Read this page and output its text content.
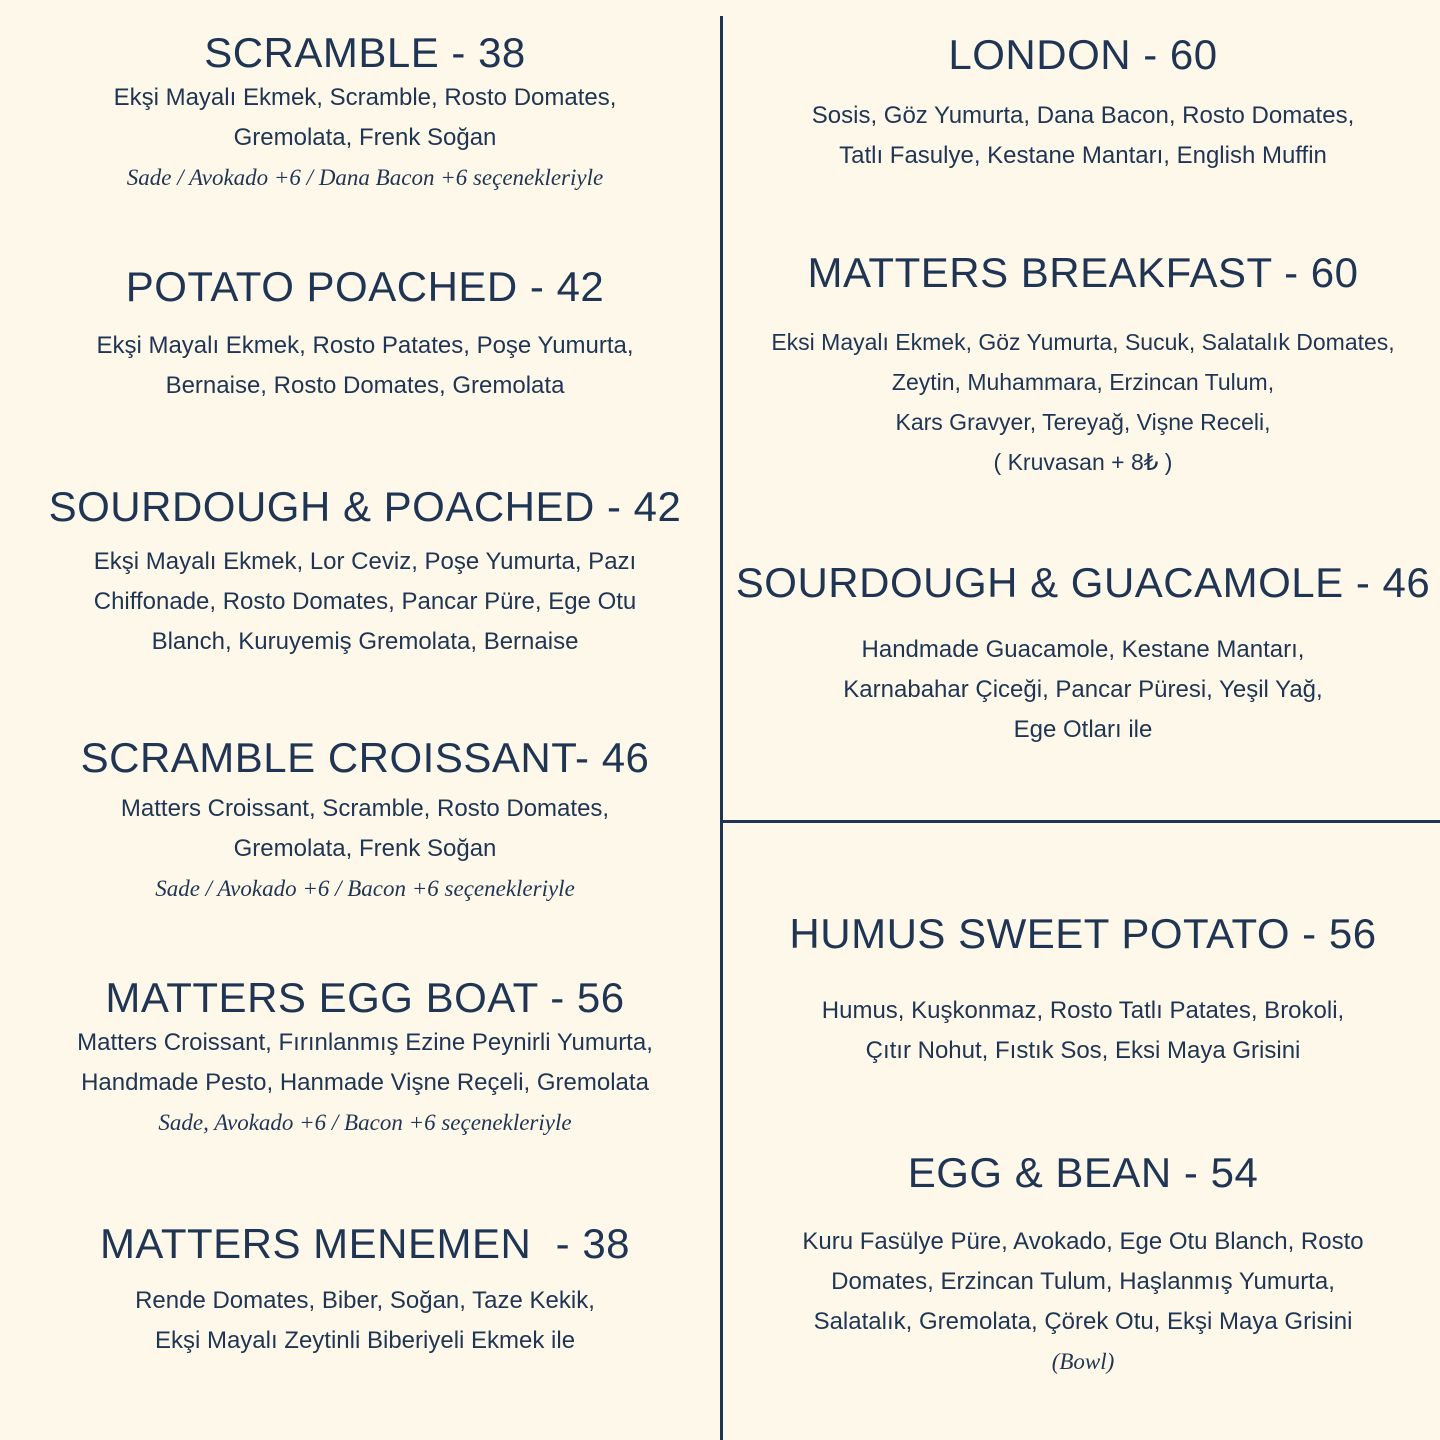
SCRAMBLE - 38
Ekşi Mayalı Ekmek, Scramble, Rosto Domates,
Gremolata, Frenk Soğan
Sade / Avokado +6 / Dana Bacon +6 seçenekleriyle
POTATO POACHED - 42
Ekşi Mayalı Ekmek, Rosto Patates, Poşe Yumurta,
Bernaise, Rosto Domates, Gremolata
SOURDOUGH & POACHED - 42
Ekşi Mayalı Ekmek, Lor Ceviz, Poşe Yumurta, Pazı
Chiffonade, Rosto Domates, Pancar Püre, Ege Otu
Blanch, Kuruyemiş Gremolata, Bernaise
SCRAMBLE CROISSANT- 46
Matters Croissant, Scramble, Rosto Domates,
Gremolata, Frenk Soğan
Sade / Avokado +6 / Bacon +6 seçenekleriyle
MATTERS EGG BOAT - 56
Matters Croissant, Fırınlanmış Ezine Peynirli Yumurta,
Handmade Pesto, Hanmade Vişne Reçeli, Gremolata
Sade, Avokado +6 / Bacon +6 seçenekleriyle
MATTERS MENEMEN  - 38
Rende Domates, Biber, Soğan, Taze Kekik,
Ekşi Mayalı Zeytinli Biberiyeli Ekmek ile
LONDON - 60
Sosis, Göz Yumurta, Dana Bacon, Rosto Domates,
Tatlı Fasulye, Kestane Mantarı, English Muffin
MATTERS BREAKFAST - 60
Eksi Mayalı Ekmek, Göz Yumurta, Sucuk, Salatalık Domates,
Zeytin, Muhammara, Erzincan Tulum,
Kars Gravyer, Tereyağ, Vişne Receli,
( Kruvasan + 8₺ )
SOURDOUGH & GUACAMOLE - 46
Handmade Guacamole, Kestane Mantarı,
Karnabahar Çiceği, Pancar Püresi, Yeşil Yağ,
Ege Otları ile
HUMUS SWEET POTATO - 56
Humus, Kuşkonmaz, Rosto Tatlı Patates, Brokoli,
Çıtır Nohut, Fıstık Sos, Eksi Maya Grisini
EGG & BEAN - 54
Kuru Fasülye Püre, Avokado, Ege Otu Blanch, Rosto
Domates, Erzincan Tulum, Haşlanmış Yumurta,
Salatalık, Gremolata, Çörek Otu, Ekşi Maya Grisini
(Bowl)
